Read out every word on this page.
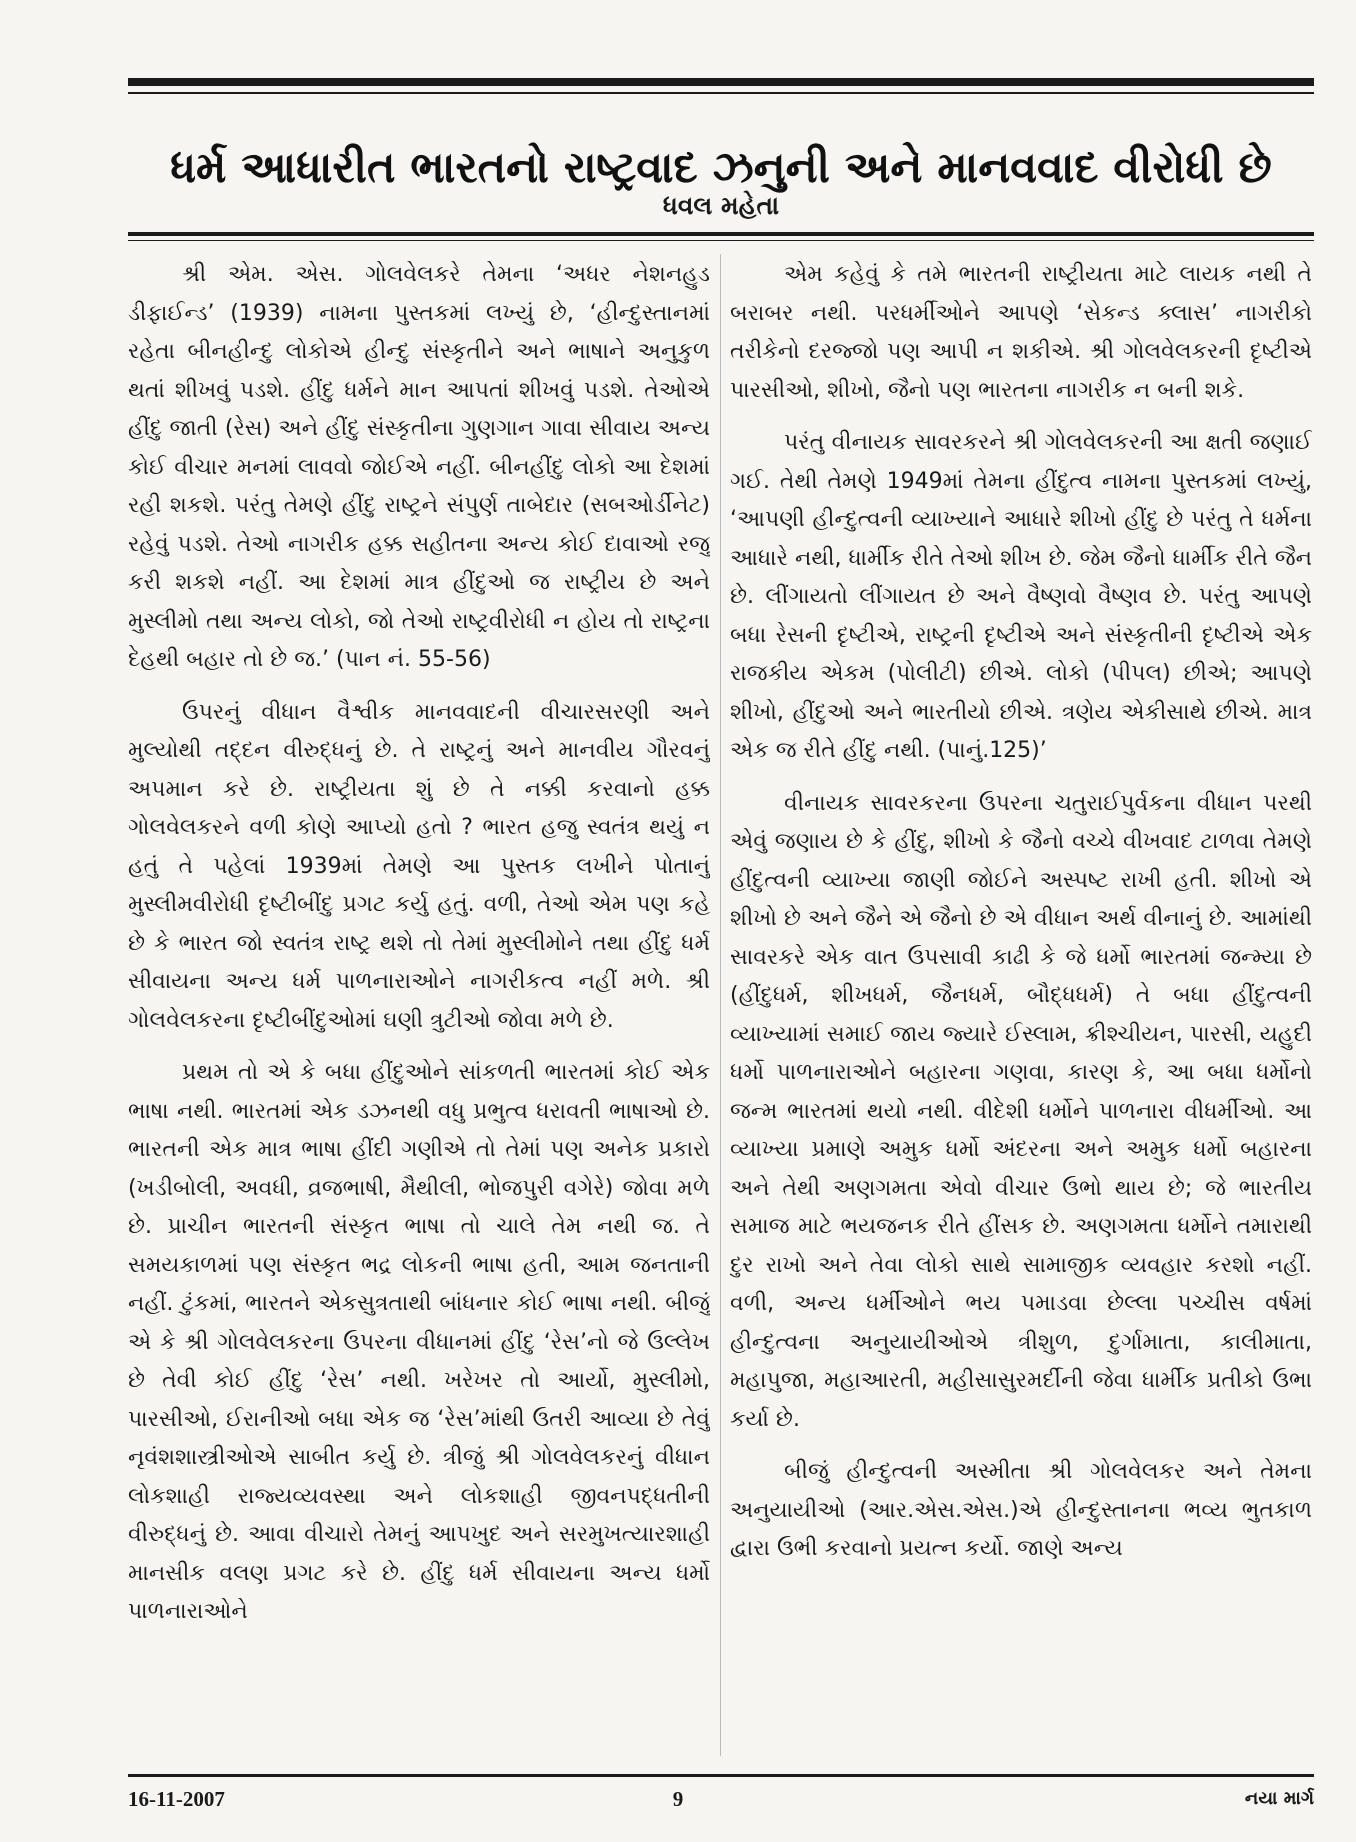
ધર્મ આધારીત ભારતનો રાષ્ટ્રવાદ ઝનુની અને માનવવાદ વીરોધી છે
ધવલ મહેતા

શ્રી એમ. એસ. ગોલવેલકરે તેમના ‘અધર નેશનહુડ ડીફાઈન્ડ’ (1939) નામના પુસ્તકમાં લખ્યું છે, ‘હીન્દુસ્તાનમાં રહેતા બીનહીન્દુ લોકોએ હીન્દુ સંસ્કૃતીને અને ભાષાને અનુકુળ થતાં શીખવું પડશે. હીંદુ ધર્મને માન આપતાં શીખવું પડશે. તેઓએ હીંદુ જાતી (રેસ) અને હીંદુ સંસ્કૃતીના ગુણગાન ગાવા સીવાય અન્ય કોઈ વીચાર મનમાં લાવવો જોઈએ નહીં. બીનહીંદુ લોકો આ દેશમાં રહી શકશે. પરંતુ તેમણે હીંદુ રાષ્ટ્રને સંપુર્ણ તાબેદાર (સબઓર્ડીનેટ) રહેવું પડશે. તેઓ નાગરીક હક્ક સહીતના અન્ય કોઈ દાવાઓ રજુ કરી શકશે નહીં. આ દેશમાં માત્ર હીંદુઓ જ રાષ્ટ્રીય છે અને મુસ્લીમો તથા અન્ય લોકો, જો તેઓ રાષ્ટ્રવીરોધી ન હોય તો રાષ્ટ્રના દેહથી બહાર તો છે જ.’ (પાન નં. 55-56)

ઉપરનું વીધાન વૈશ્વીક માનવવાદની વીચારસરણી અને મુલ્યોથી તદ્દન વીરુદ્ધનું છે. તે રાષ્ટ્રનું અને માનવીય ગૌરવનું અપમાન કરે છે. રાષ્ટ્રીયતા શું છે તે નક્કી કરવાનો હક્ક ગોલવેલકરને વળી કોણે આપ્યો હતો ? ભારત હજુ સ્વતંત્ર થયું ન હતું તે પહેલાં 1939માં તેમણે આ પુસ્તક લખીને પોતાનું મુસ્લીમવીરોધી દૃષ્ટીબીંદુ પ્રગટ કર્યુ હતું. વળી, તેઓ એમ પણ કહે છે કે ભારત જો સ્વતંત્ર રાષ્ટ્ર થશે તો તેમાં મુસ્લીમોને તથા હીંદુ ધર્મ સીવાયના અન્ય ધર્મ પાળનારાઓને નાગરીકત્વ નહીં મળે. શ્રી ગોલવેલકરના દૃષ્ટીબીંદુઓમાં ઘણી ત્રુટીઓ જોવા મળે છે.

પ્રથમ તો એ કે બધા હીંદુઓને સાંકળતી ભારતમાં કોઈ એક ભાષા નથી. ભારતમાં એક ડઝનથી વધુ પ્રભુત્વ ધરાવતી ભાષાઓ છે. ભારતની એક માત્ર ભાષા હીંદી ગણીએ તો તેમાં પણ અનેક પ્રકારો (ખડીબોલી, અવધી, વ્રજભાષી, મૈથીલી, ભોજપુરી વગેરે) જોવા મળે છે. પ્રાચીન ભારતની સંસ્કૃત ભાષા તો ચાલે તેમ નથી જ. તે સમયકાળમાં પણ સંસ્કૃત ભદ્ર લોકની ભાષા હતી, આમ જનતાની નહીં. ટુંકમાં, ભારતને એકસુત્રતાથી બાંધનાર કોઈ ભાષા નથી. બીજું એ કે શ્રી ગોલવેલકરના ઉપરના વીધાનમાં હીંદુ ‘રેસ’નો જે ઉલ્લેખ છે તેવી કોઈ હીંદુ ‘રેસ’ નથી. ખરેખર તો આર્યો, મુસ્લીમો, પારસીઓ, ઈરાનીઓ બધા એક જ ‘રેસ’માંથી ઉતરી આવ્યા છે તેવું નૃવંશશાસ્ત્રીઓએ સાબીત કર્યુ છે. ત્રીજું શ્રી ગોલવેલકરનું વીધાન લોકશાહી રાજ્યવ્યવસ્થા અને લોકશાહી જીવનપદ્ધતીની વીરુદ્ધનું છે. આવા વીચારો તેમનું આપખુદ અને સરમુખત્યારશાહી માનસીક વલણ પ્રગટ કરે છે. હીંદુ ધર્મ સીવાયના અન્ય ધર્મો પાળનારાઓને

એમ કહેવું કે તમે ભારતની રાષ્ટ્રીયતા માટે લાયક નથી તે બરાબર નથી. પરધર્મીઓને આપણે ‘સેકન્ડ ક્લાસ’ નાગરીકો તરીકેનો દરજ્જો પણ આપી ન શકીએ. શ્રી ગોલવેલકરની દૃષ્ટીએ પારસીઓ, શીખો, જૈનો પણ ભારતના નાગરીક ન બની શકે.

પરંતુ વીનાયક સાવરકરને શ્રી ગોલવેલકરની આ ક્ષતી જણાઈ ગઈ. તેથી તેમણે 1949માં તેમના હીંદુત્વ નામના પુસ્તકમાં લખ્યું, ‘આપણી હીન્દુત્વની વ્યાખ્યાને આધારે શીખો હીંદુ છે પરંતુ તે ધર્મના આધારે નથી, ધાર્મીક રીતે તેઓ શીખ છે. જેમ જૈનો ધાર્મીક રીતે જૈન છે. લીંગાયતો લીંગાયત છે અને વૈષ્ણવો વૈષ્ણવ છે. પરંતુ આપણે બધા રેસની દૃષ્ટીએ, રાષ્ટ્રની દૃષ્ટીએ અને સંસ્કૃતીની દૃષ્ટીએ એક રાજકીય એકમ (પોલીટી) છીએ. લોકો (પીપલ) છીએ; આપણે શીખો, હીંદુઓ અને ભારતીયો છીએ. ત્રણેય એકીસાથે છીએ. માત્ર એક જ રીતે હીંદુ નથી. (પાનું.125)’

વીનાયક સાવરકરના ઉપરના ચતુરાઈપુર્વકના વીધાન પરથી એવું જણાય છે કે હીંદુ, શીખો કે જૈનો વચ્ચે વીખવાદ ટાળવા તેમણે હીંદુત્વની વ્યાખ્યા જાણી જોઈને અસ્પષ્ટ રાખી હતી. શીખો એ શીખો છે અને જૈને એ જૈનો છે એ વીધાન અર્થ વીનાનું છે. આમાંથી સાવરકરે એક વાત ઉપસાવી કાઢી કે જે ધર્મો ભારતમાં જન્મ્યા છે (હીંદુધર્મ, શીખધર્મ, જૈનધર્મ, બૌદ્ધધર્મ) તે બધા હીંદુત્વની વ્યાખ્યામાં સમાઈ જાય જ્યારે ઈસ્લામ, ક્રીશ્ચીયન, પારસી, યહુદી ધર્મો પાળનારાઓને બહારના ગણવા, કારણ કે, આ બધા ધર્મોનો જન્મ ભારતમાં થયો નથી. વીદેશી ધર્મોને પાળનારા વીધર્મીઓ. આ વ્યાખ્યા પ્રમાણે અમુક ધર્મો અંદરના અને અમુક ધર્મો બહારના અને તેથી અણગમતા એવો વીચાર ઉભો થાય છે; જે ભારતીય સમાજ માટે ભયજનક રીતે હીંસક છે. અણગમતા ધર્મોને તમારાથી દુર રાખો અને તેવા લોકો સાથે સામાજીક વ્યવહાર કરશો નહીં. વળી, અન્ય ધર્મીઓને ભય પમાડવા છેલ્લા પચ્ચીસ વર્ષમાં હીન્દુત્વના અનુયાયીઓએ ત્રીશુળ, દુર્ગામાતા, કાલીમાતા, મહાપુજા, મહાઆરતી, મહીસાસુરમર્દીની જેવા ધાર્મીક પ્રતીકો ઉભા કર્યા છે.

બીજું હીન્દુત્વની અસ્મીતા શ્રી ગોલવેલકર અને તેમના અનુયાયીઓ (આર.એસ.એસ.)એ હીન્દુસ્તાનના ભવ્ય ભુતકાળ દ્વારા ઉભી કરવાનો પ્રયત્ન કર્યો. જાણે અન્ય

16-11-2007	9	નયા માર્ગ
